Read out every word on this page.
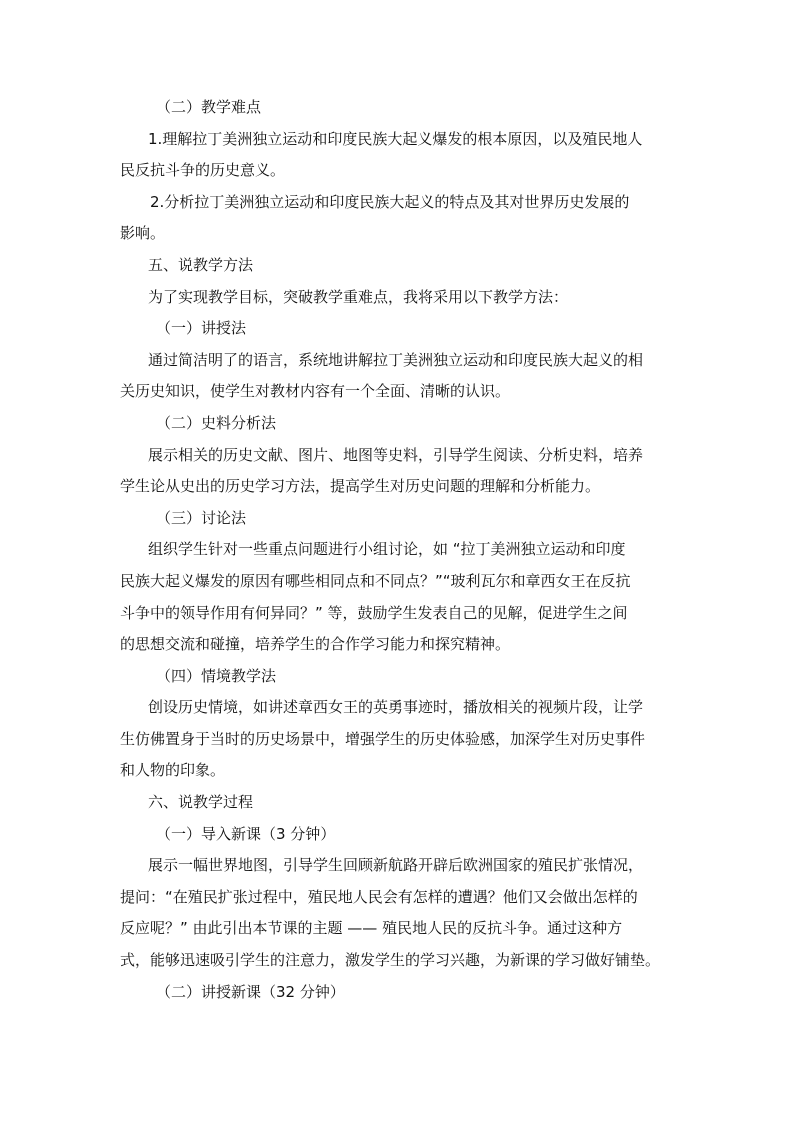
（二）教学难点

1.理解拉丁美洲独立运动和印度民族大起义爆发的根本原因，以及殖民地人

民反抗斗争的历史意义。

2.分析拉丁美洲独立运动和印度民族大起义的特点及其对世界历史发展的

影响。

五、说教学方法

为了实现教学目标，突破教学重难点，我将采用以下教学方法：

（一）讲授法

通过简洁明了的语言，系统地讲解拉丁美洲独立运动和印度民族大起义的相

关历史知识，使学生对教材内容有一个全面、清晰的认识。

（二）史料分析法

展示相关的历史文献、图片、地图等史料，引导学生阅读、分析史料，培养

学生论从史出的历史学习方法，提高学生对历史问题的理解和分析能力。

（三）讨论法

组织学生针对一些重点问题进行小组讨论，如 “拉丁美洲独立运动和印度

民族大起义爆发的原因有哪些相同点和不同点？”“玻利瓦尔和章西女王在反抗

斗争中的领导作用有何异同？” 等，鼓励学生发表自己的见解，促进学生之间

的思想交流和碰撞，培养学生的合作学习能力和探究精神。

（四）情境教学法

创设历史情境，如讲述章西女王的英勇事迹时，播放相关的视频片段，让学

生仿佛置身于当时的历史场景中，增强学生的历史体验感，加深学生对历史事件

和人物的印象。

六、说教学过程

（一）导入新课（3 分钟）

展示一幅世界地图，引导学生回顾新航路开辟后欧洲国家的殖民扩张情况，

提问：“在殖民扩张过程中，殖民地人民会有怎样的遭遇？他们又会做出怎样的

反应呢？” 由此引出本节课的主题 —— 殖民地人民的反抗斗争。通过这种方

式，能够迅速吸引学生的注意力，激发学生的学习兴趣，为新课的学习做好铺垫。

（二）讲授新课（32 分钟）
